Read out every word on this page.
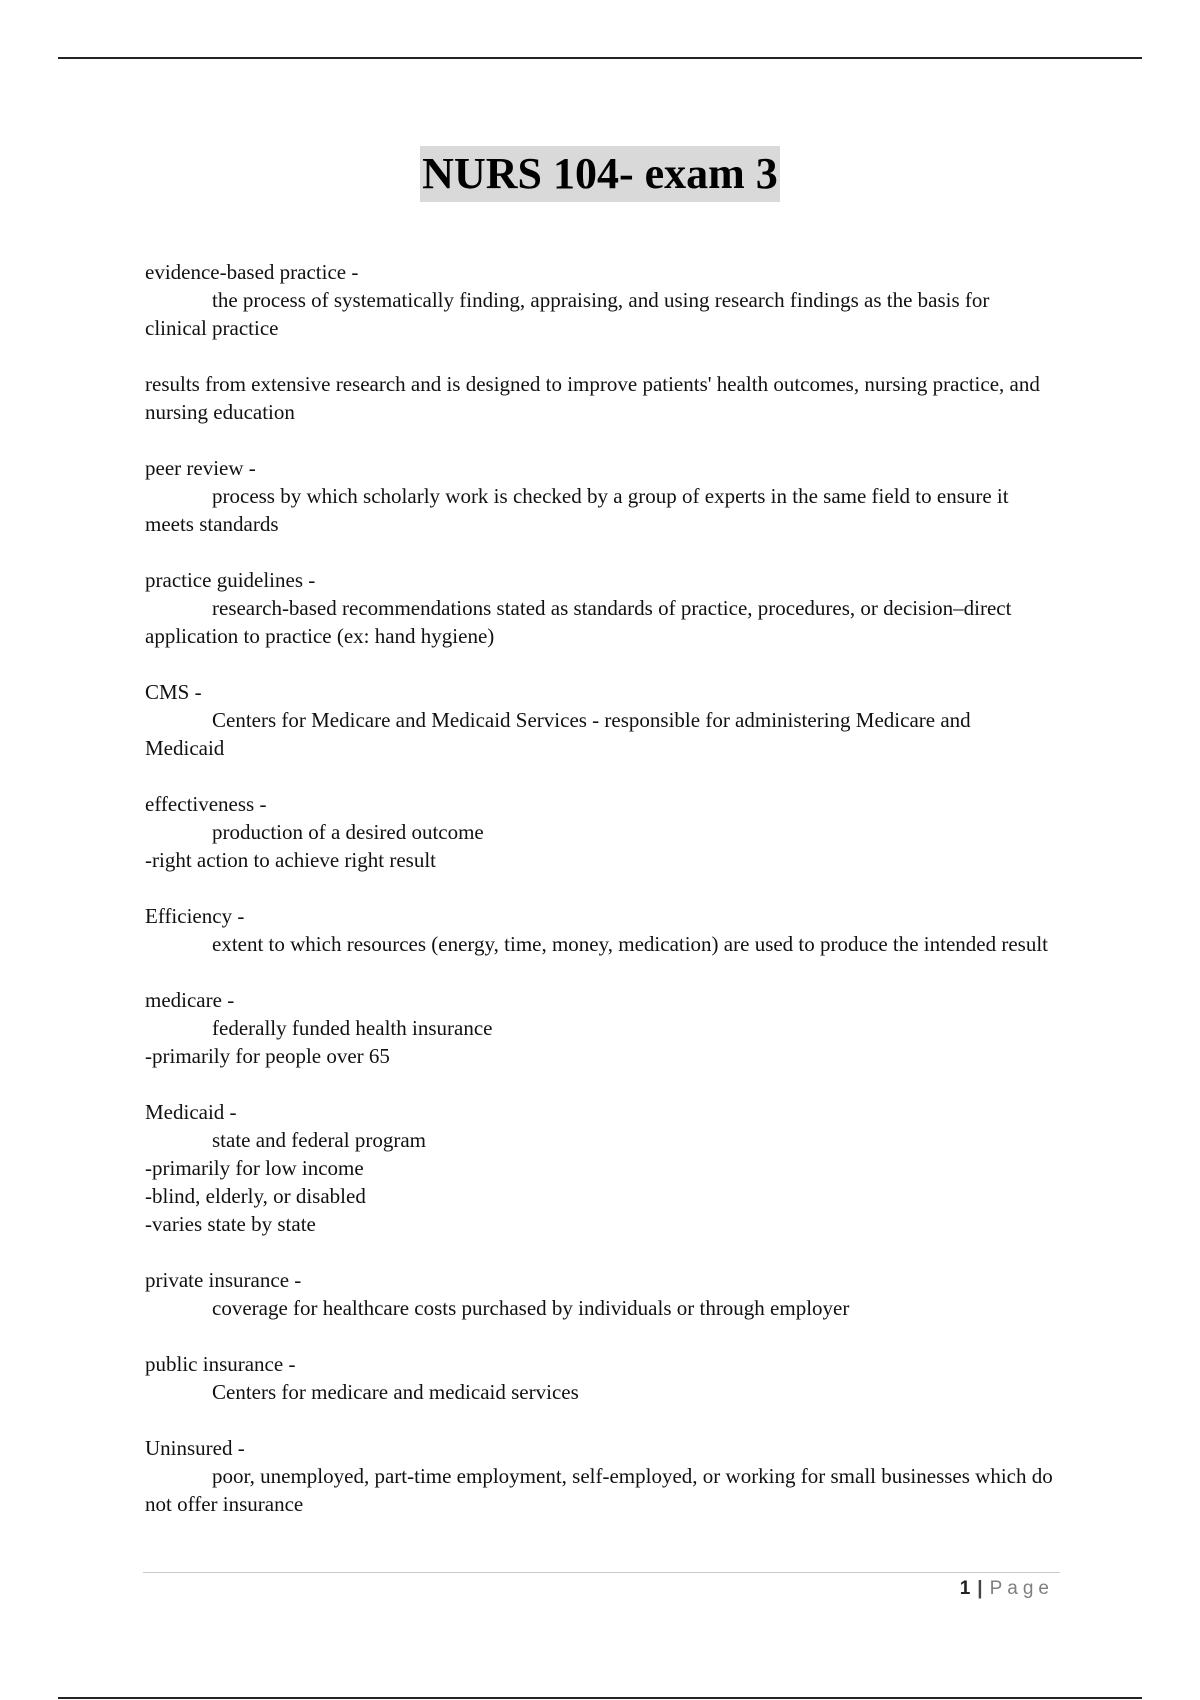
NURS 104- exam 3
evidence-based practice -

the process of systematically finding, appraising, and using research findings as the basis for clinical practice

results from extensive research and is designed to improve patients' health outcomes, nursing practice, and nursing education

peer review -

process by which scholarly work is checked by a group of experts in the same field to ensure it meets standards

practice guidelines -

research-based recommendations stated as standards of practice, procedures, or decision–direct application to practice (ex: hand hygiene)

CMS -

Centers for Medicare and Medicaid Services - responsible for administering Medicare and Medicaid

effectiveness -

production of a desired outcome

-right action to achieve right result
Efficiency -

extent to which resources (energy, time, money, medication) are used to produce the intended result

medicare -

federally funded health insurance

-primarily for people over 65
Medicaid -

state and federal program

-primarily for low income
-blind, elderly, or disabled
-varies state by state
private insurance -

coverage for healthcare costs purchased by individuals or through employer

public insurance -

Centers for medicare and medicaid services

Uninsured -

poor, unemployed, part-time employment, self-employed, or working for small businesses which do not offer insurance

1 | Page
